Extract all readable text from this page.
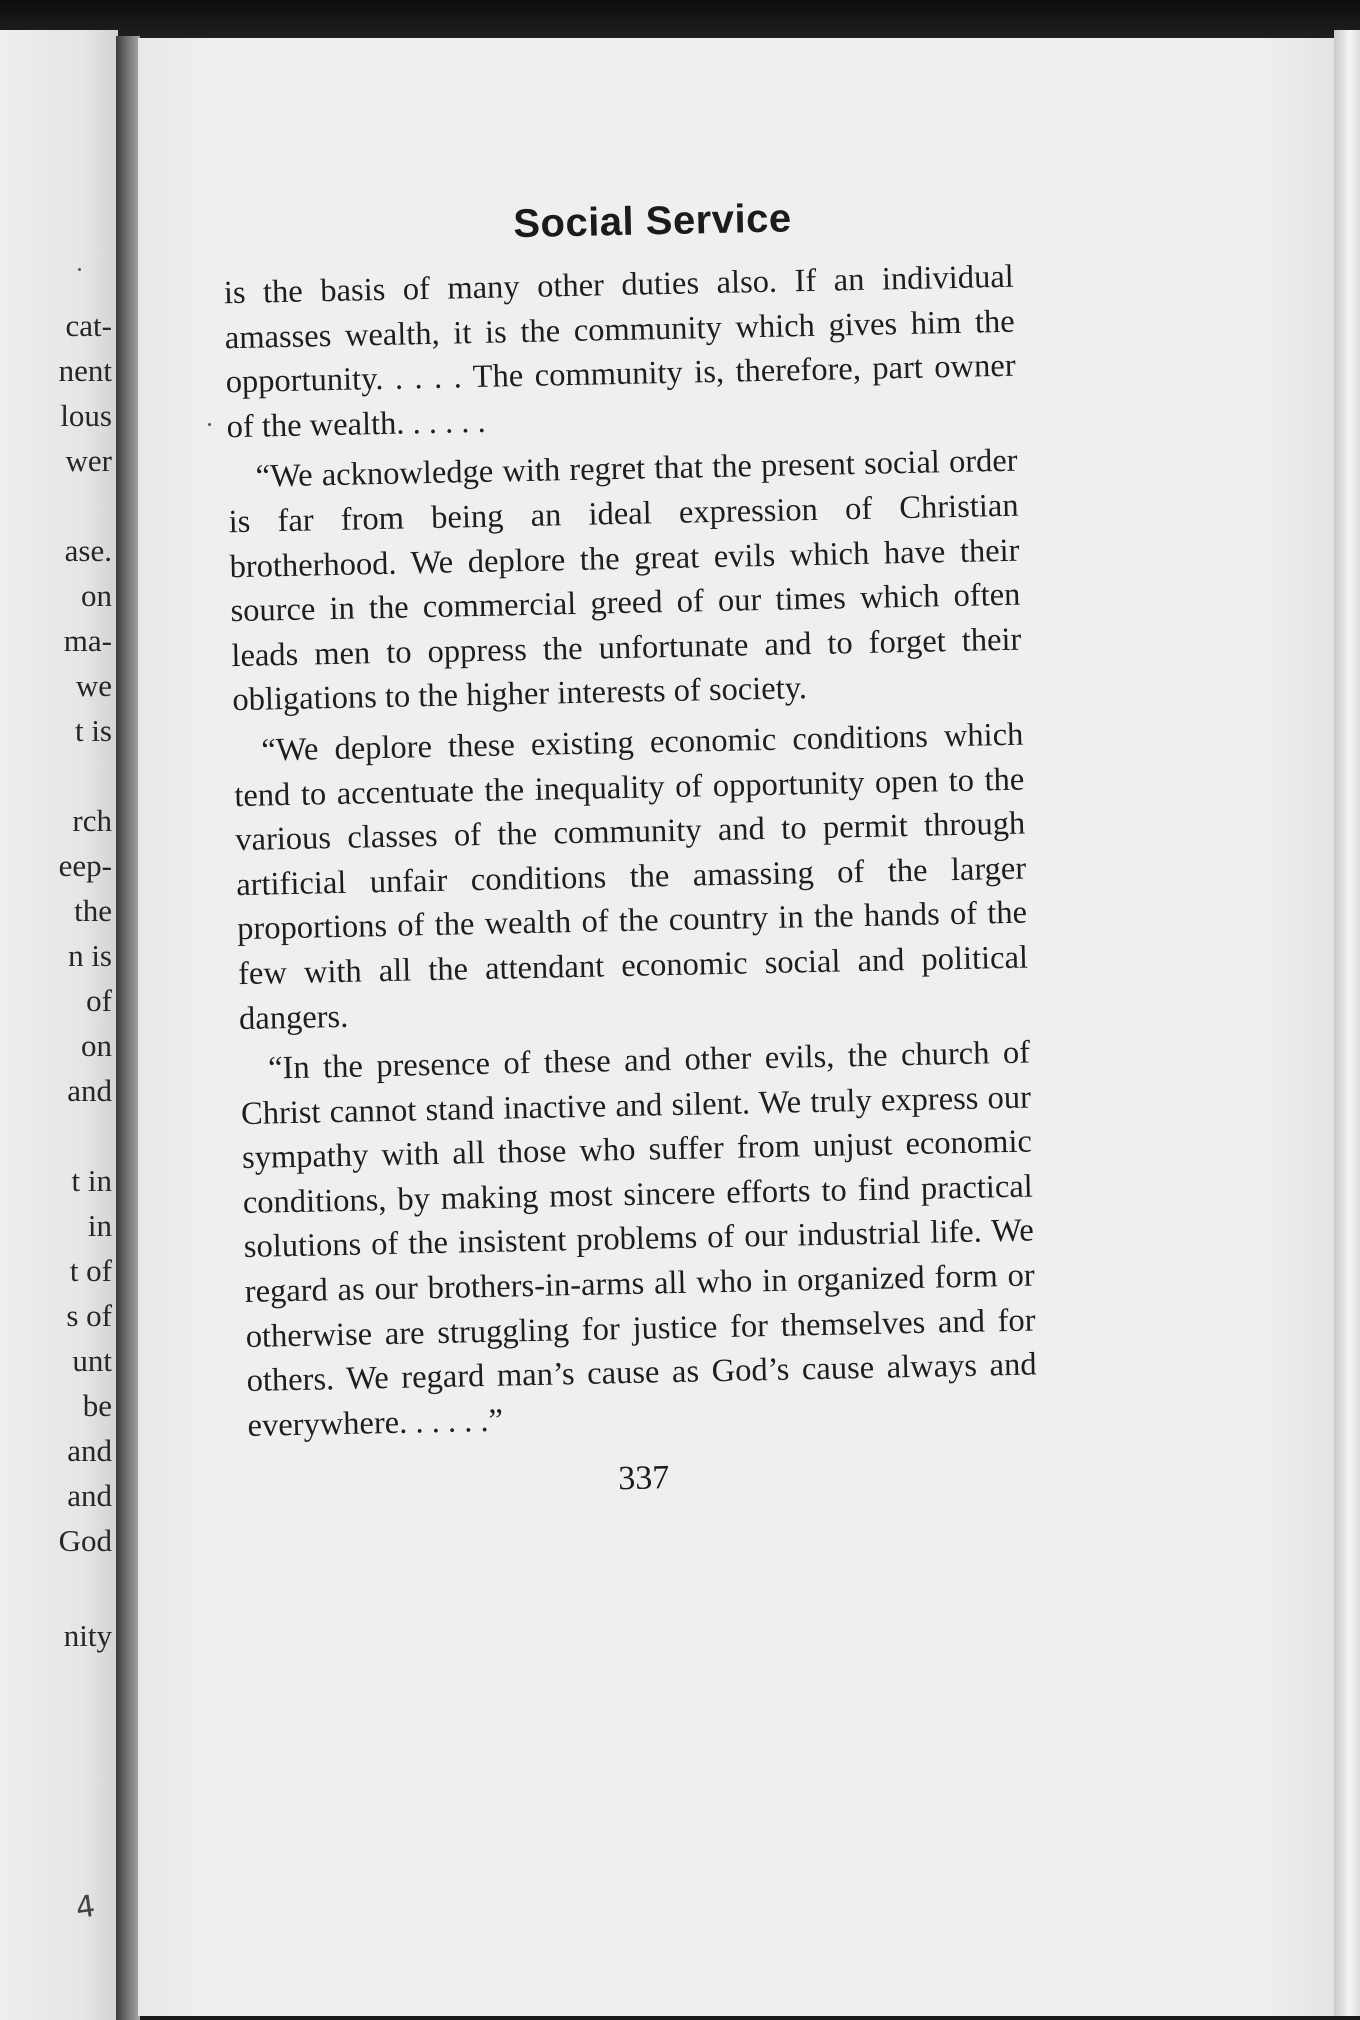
cat-
nent
lous
wer
ase.
on
ma-
we
t is
rch
eep-
the
n is
of
on
and
t in
in
t of
s of
unt
be
and
and
God
nity
4
Social Service

is the basis of many other duties also. If an individual amasses wealth, it is the community which gives him the opportunity. . . . . The community is, therefore, part owner of the wealth. . . . . .

“We acknowledge with regret that the present social order is far from being an ideal expression of Christian brotherhood. We deplore the great evils which have their source in the commercial greed of our times which often leads men to oppress the unfortunate and to forget their obligations to the higher interests of society.

“We deplore these existing economic conditions which tend to accentuate the inequality of opportunity open to the various classes of the community and to permit through artificial unfair conditions the amassing of the larger proportions of the wealth of the country in the hands of the few with all the attendant economic social and political dangers.

“In the presence of these and other evils, the church of Christ cannot stand inactive and silent. We truly express our sympathy with all those who suffer from unjust economic conditions, by making most sincere efforts to find practical solutions of the insistent problems of our industrial life. We regard as our brothers-in-arms all who in organized form or otherwise are struggling for justice for themselves and for others. We regard man’s cause as God’s cause always and everywhere. . . . . .”

337
